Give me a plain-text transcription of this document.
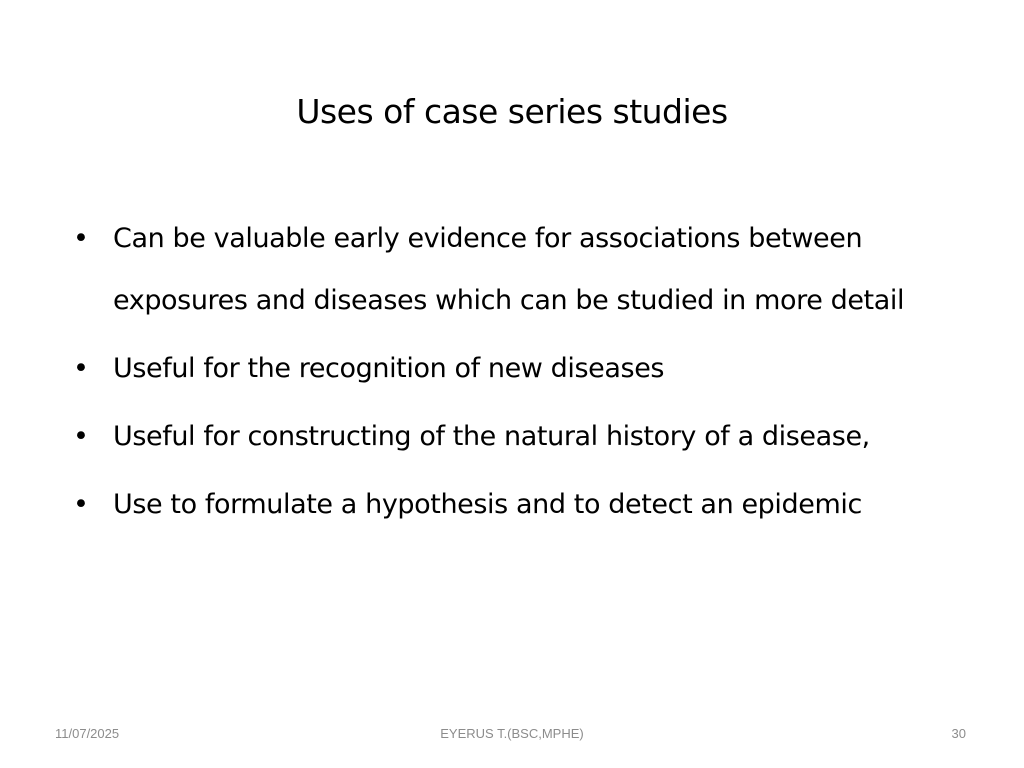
Uses of case series studies
• Can be valuable early evidence for associations between exposures and diseases which can be studied in more detail
• Useful for the recognition of new diseases
• Useful for constructing of the natural history of a disease,
• Use to formulate a hypothesis and to detect an epidemic
11/07/2025	EYERUS T.(BSC,MPHE)	30
